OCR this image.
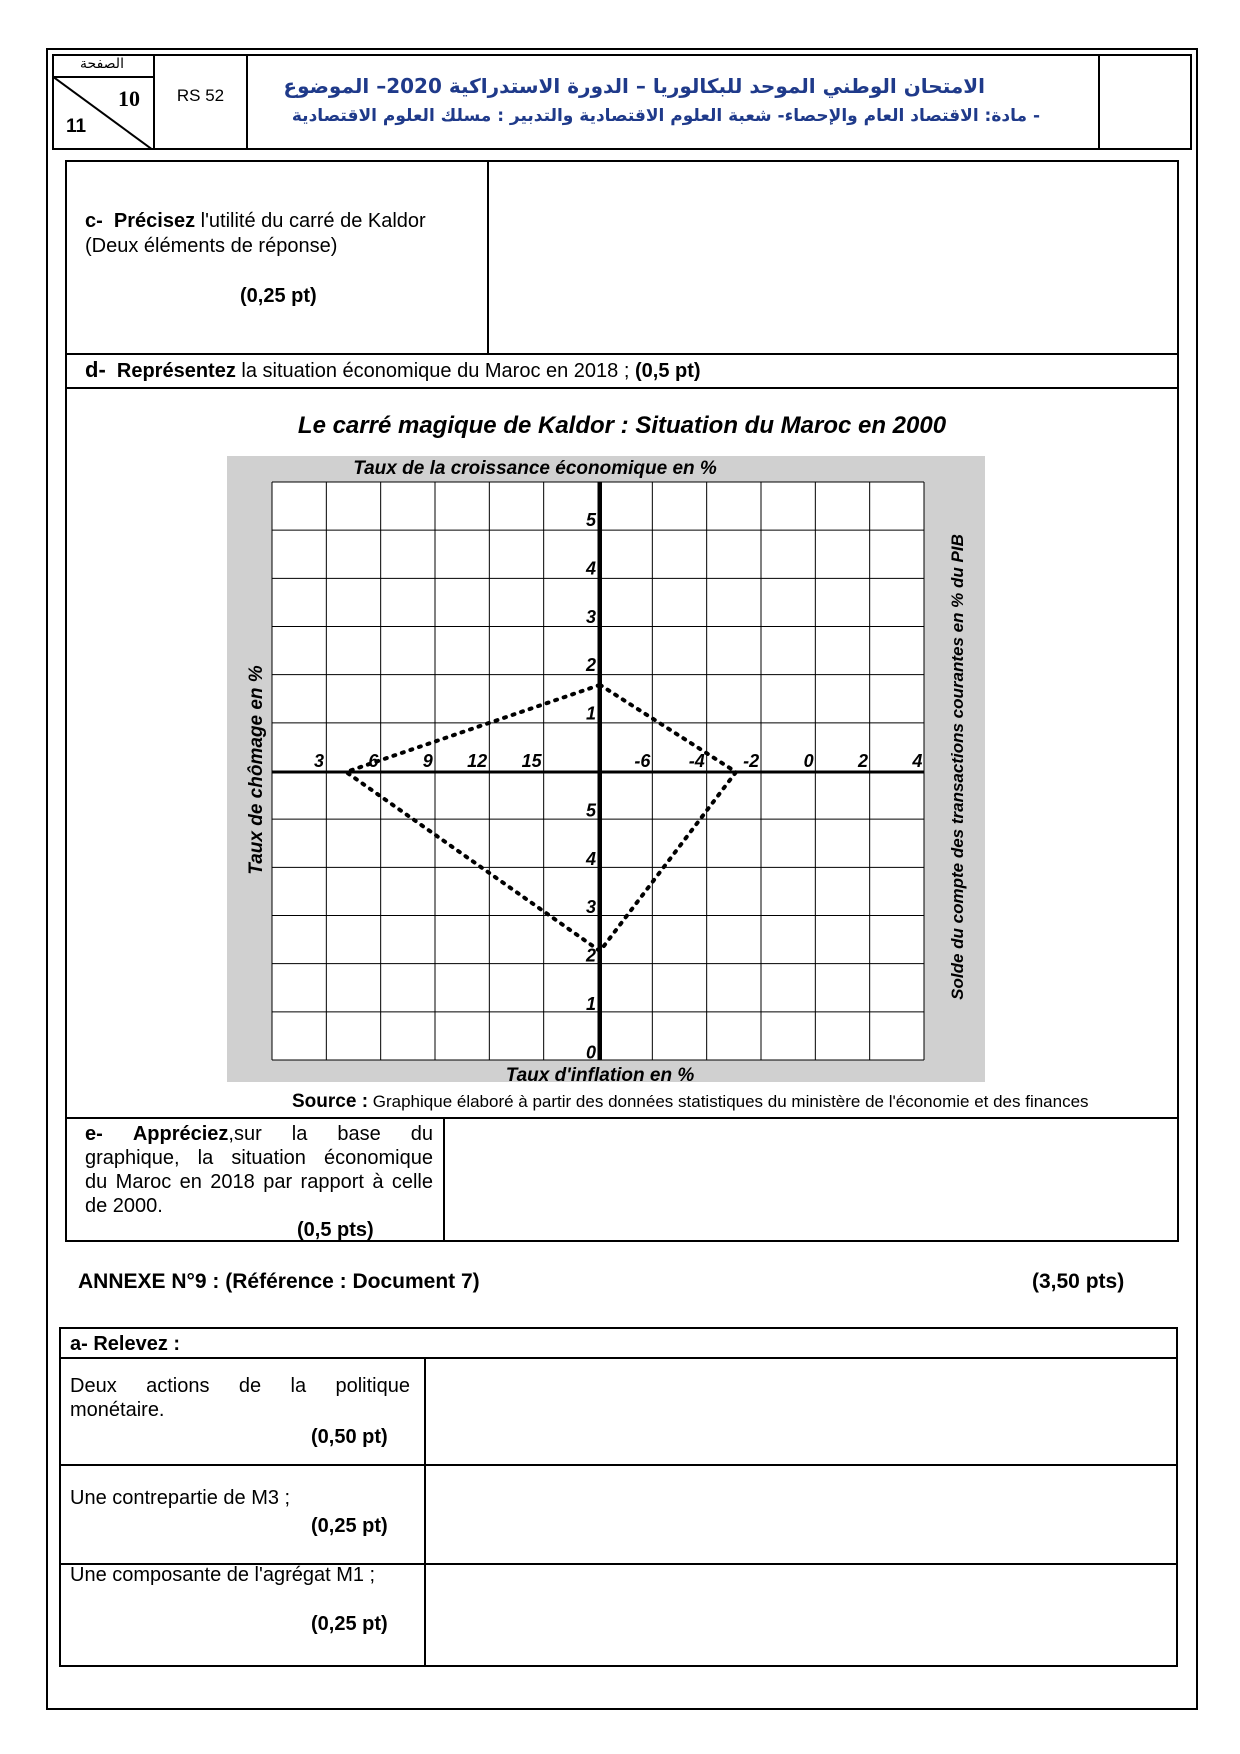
الصفحة
10
11
RS 52	الامتحان الوطني الموحد للبكالوريا – الدورة الاستدراكية 2020– الموضوع
- مادة: الاقتصاد العام والإحصاء- شعبة العلوم الاقتصادية والتدبير : مسلك العلوم الاقتصادية
c- Précisez l'utilité du carré de Kaldor
(Deux éléments de réponse)
(0,25 pt)
d- Représentez la situation économique du Maroc en 2018 ; (0,5 pt)
Le carré magique de Kaldor : Situation du Maroc en 2000
1
2
3
4
5
3 6 9 12 15	-6 -4 -2 0 2 4
5
4
3
2
1
0
Taux de la croissance économique en %
Taux d'inflation en %
Taux de chômage en %	Solde du compte des transactions courantes en % du PIB
Source : Graphique élaboré à partir des données statistiques du ministère de l'économie et des finances
e- Appréciez,sur la base du
graphique, la situation économique
du Maroc en 2018 par rapport à celle
de 2000.
(0,5 pts)
ANNEXE N°9 : (Référence : Document 7)	(3,50 pts)
a- Relevez :
Deux actions de la politique
monétaire.
(0,50 pt)
Une contrepartie de M3 ;
(0,25 pt)
Une composante de l'agrégat M1 ;
(0,25 pt)
